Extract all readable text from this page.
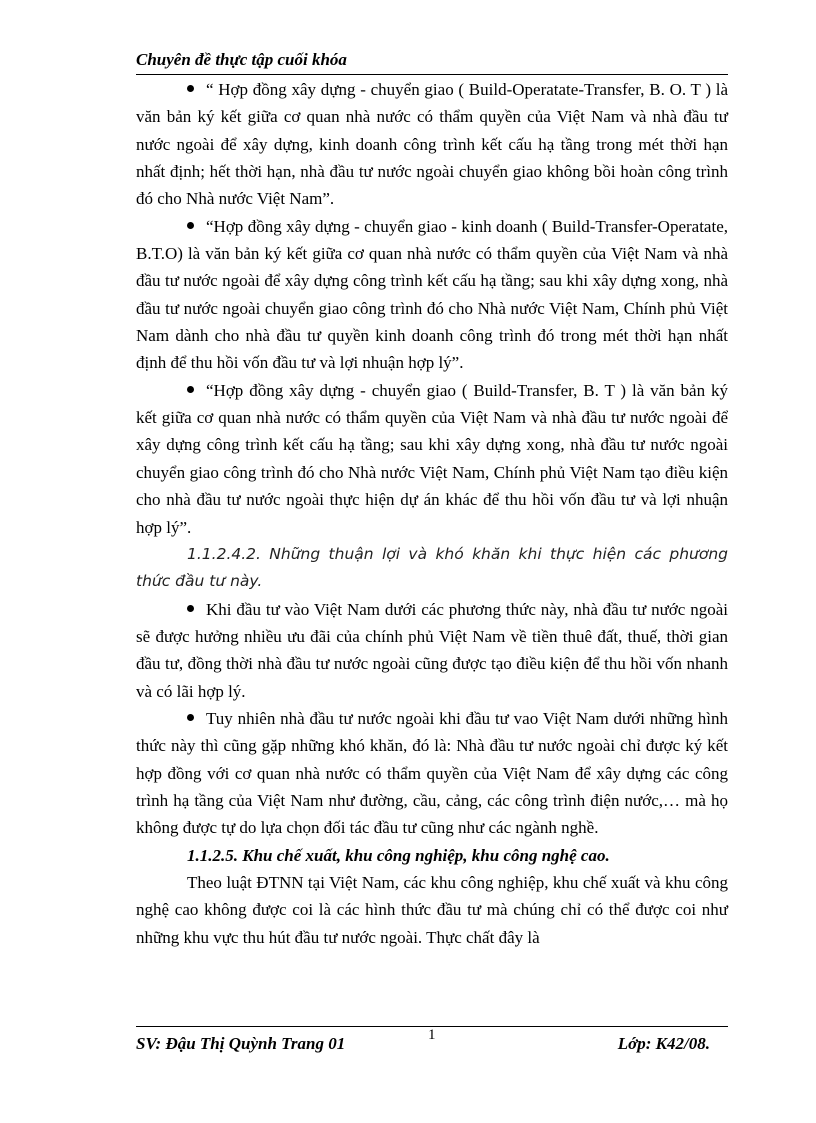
Chuyên đề thực tập cuối khóa

“ Hợp đồng xây dựng - chuyển giao ( Build-Operatate-Transfer, B. O. T ) là văn bản ký kết giữa cơ quan nhà nước có thẩm quyền của Việt Nam và nhà đầu tư nước ngoài để xây dựng, kinh doanh công trình kết cấu hạ tầng trong mét thời hạn nhất định; hết thời hạn, nhà đầu tư nước ngoài chuyển giao không bồi hoàn công trình đó cho Nhà nước Việt Nam”.

“Hợp đồng xây dựng - chuyển giao - kinh doanh ( Build-Transfer-Operatate, B.T.O) là văn bản ký kết giữa cơ quan nhà nước có thẩm quyền của Việt Nam và nhà đầu tư nước ngoài để xây dựng công trình kết cấu hạ tầng; sau khi xây dựng xong, nhà đầu tư nước ngoài chuyển giao công trình đó cho Nhà nước Việt Nam, Chính phủ Việt Nam dành cho nhà đầu tư quyền kinh doanh công trình đó trong mét thời hạn nhất định để thu hồi vốn đầu tư và lợi nhuận hợp lý”.

“Hợp đồng xây dựng - chuyển giao ( Build-Transfer, B. T ) là văn bản ký kết giữa cơ quan nhà nước có thẩm quyền của Việt Nam và nhà đầu tư nước ngoài để xây dựng công trình kết cấu hạ tầng; sau khi xây dựng xong, nhà đầu tư nước ngoài chuyển giao công trình đó cho Nhà nước Việt Nam, Chính phủ Việt Nam tạo điều kiện cho nhà đầu tư nước ngoài thực hiện dự án khác để thu hồi vốn đầu tư và lợi nhuận hợp lý”.

1.1.2.4.2. Những thuận lợi và khó khăn khi thực hiện các phương thức đầu tư này.

Khi đầu tư vào Việt Nam dưới các phương thức này, nhà đầu tư nước ngoài sẽ được hưởng nhiều ưu đãi của chính phủ Việt Nam về tiền thuê đất, thuế, thời gian đầu tư, đồng thời nhà đầu tư nước ngoài cũng được tạo điều kiện để thu hồi vốn nhanh và có lãi hợp lý.

Tuy nhiên nhà đầu tư nước ngoài khi đầu tư vao Việt Nam dưới những hình thức này thì cũng gặp những khó khăn, đó là: Nhà đầu tư nước ngoài chỉ được ký kết hợp đồng với cơ quan nhà nước có thẩm quyền của Việt Nam để xây dựng các công trình hạ tầng của Việt Nam như đường, cầu, cảng, các công trình điện nước,… mà họ không được tự do lựa chọn đối tác đầu tư cũng như các ngành nghề.

1.1.2.5. Khu chế xuất, khu công nghiệp, khu công nghệ cao.

Theo luật ĐTNN tại Việt Nam, các khu công nghiệp, khu chế xuất và khu công nghệ cao không được coi là các hình thức đầu tư mà chúng chỉ có thể được coi như những khu vực thu hút đầu tư nước ngoài. Thực chất đây là

SV: Đậu Thị Quỳnh Trang 01	1	Lớp: K42/08.
